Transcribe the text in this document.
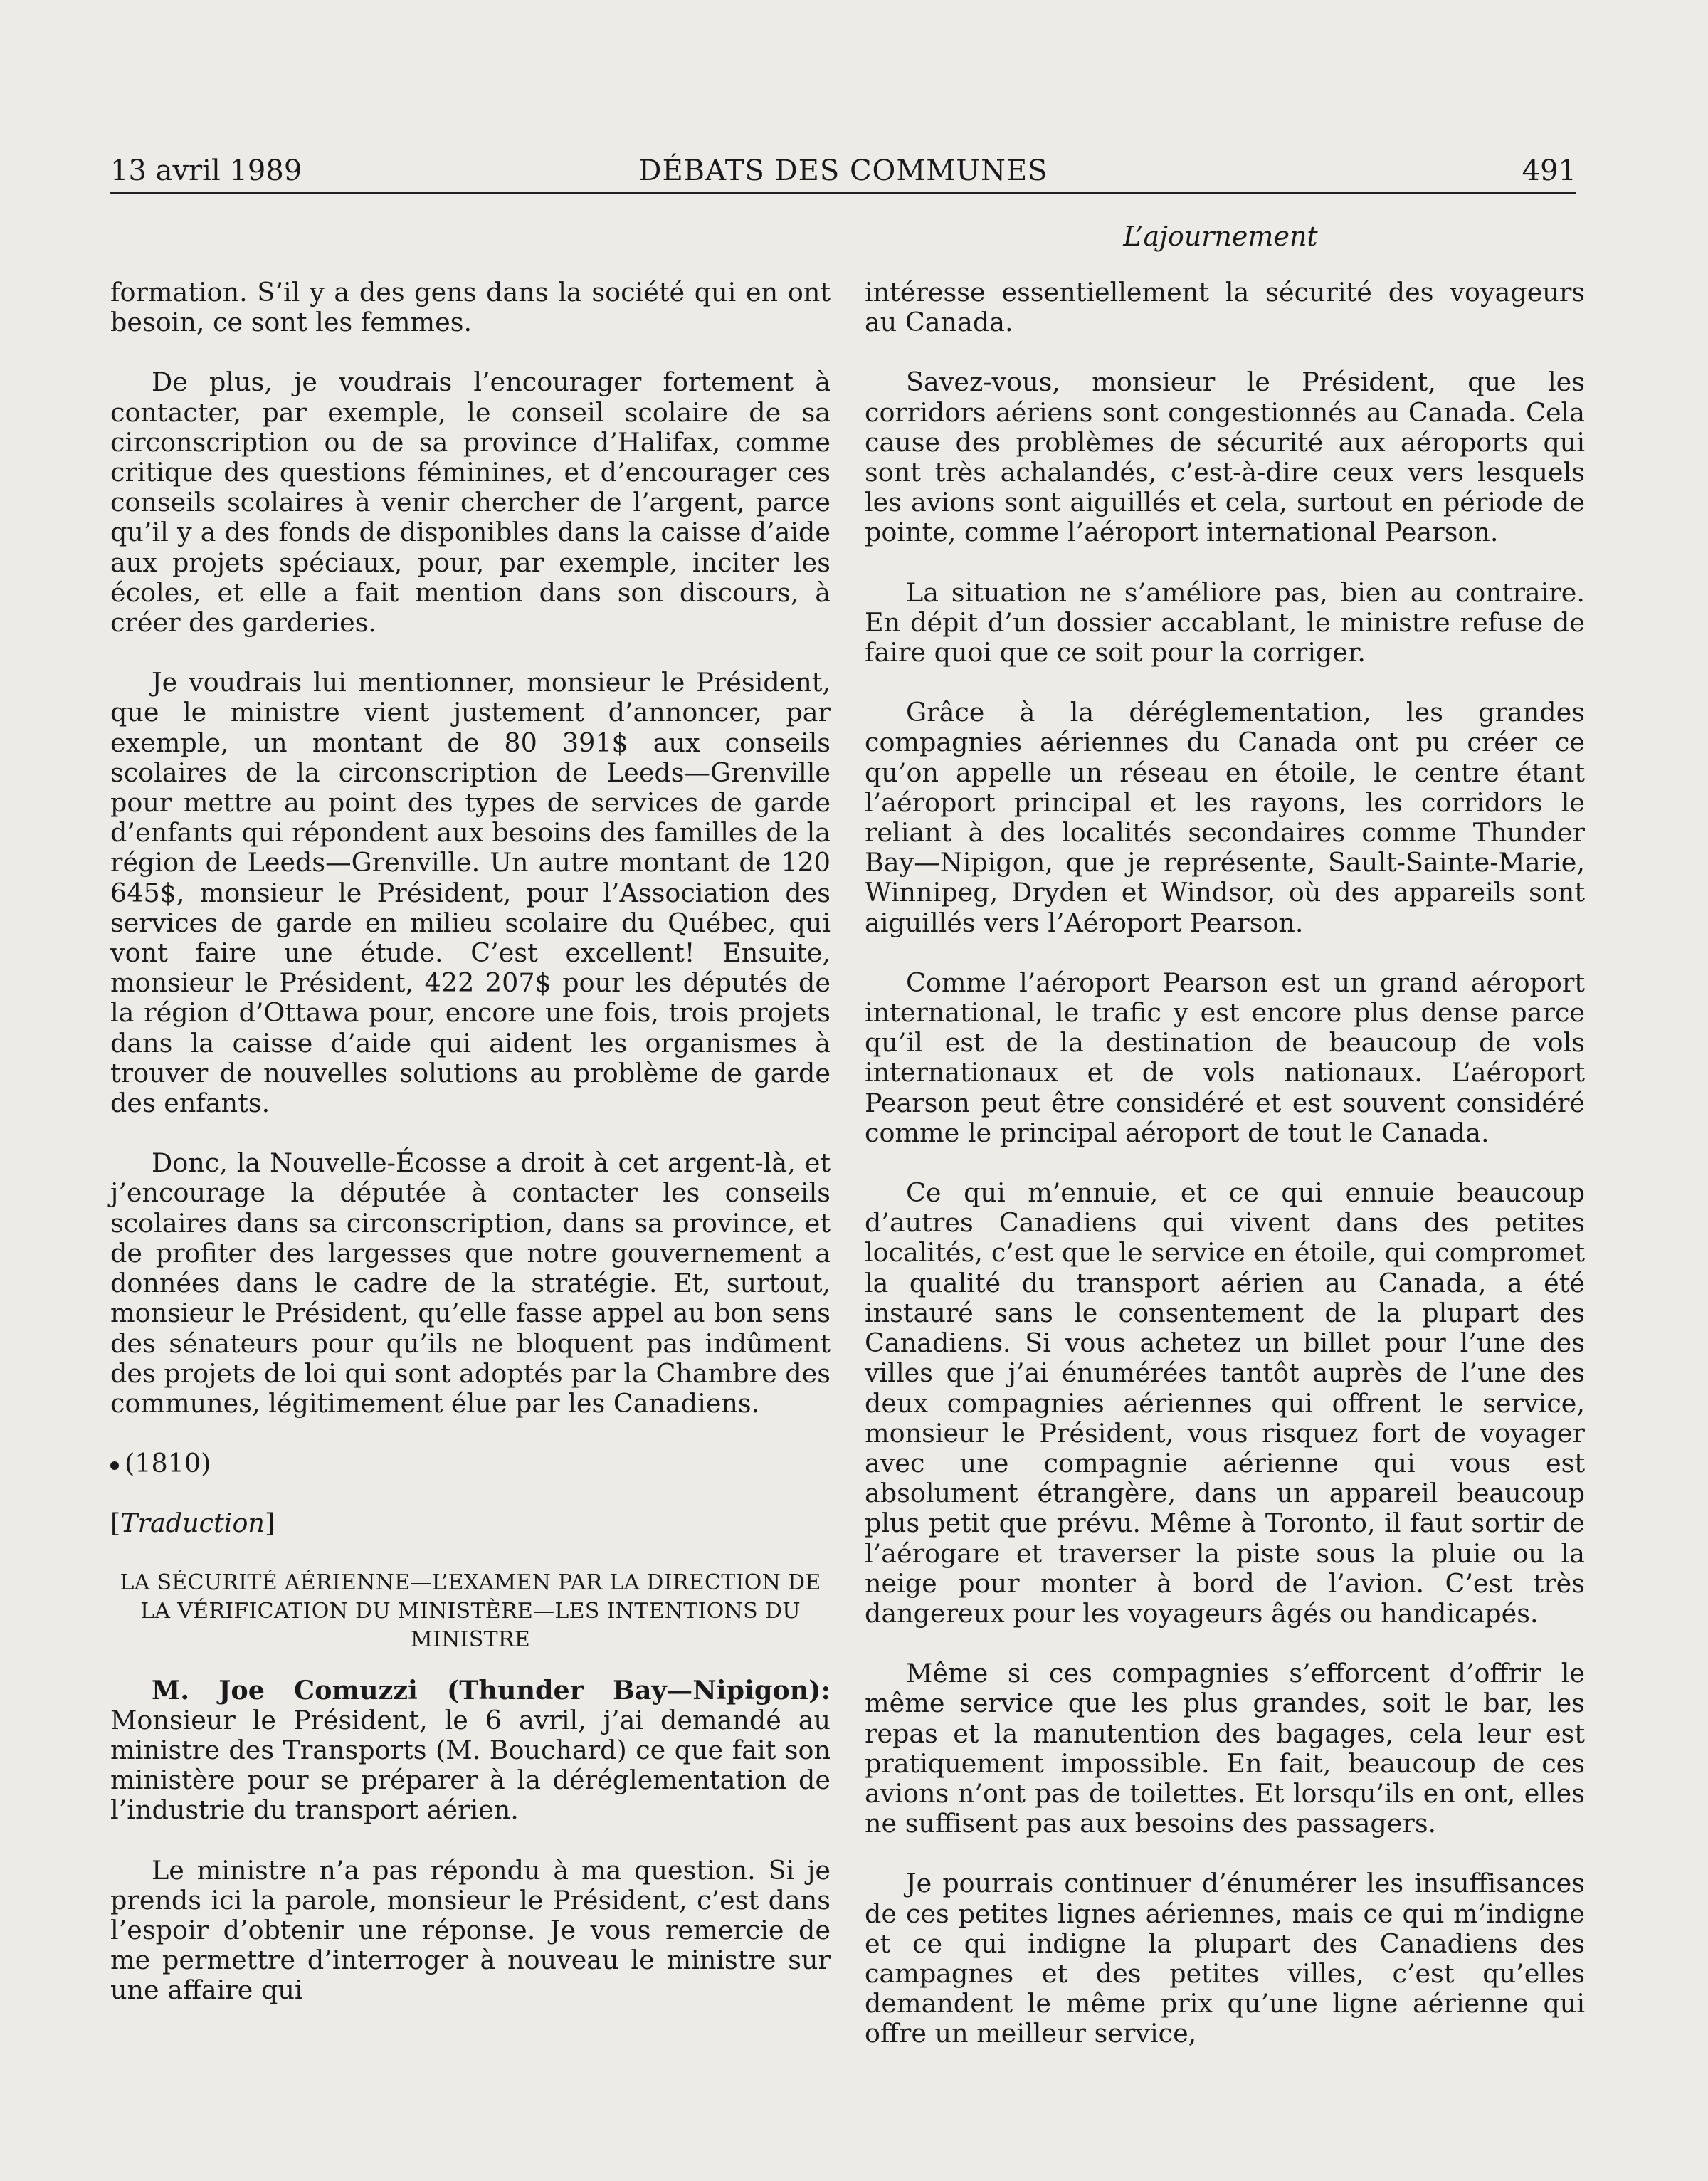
13 avril 1989	DÉBATS DES COMMUNES	491
L’ajournement

formation. S’il y a des gens dans la société qui en ont besoin, ce sont les femmes.

De plus, je voudrais l’encourager fortement à contacter, par exemple, le conseil scolaire de sa circonscription ou de sa province d’Halifax, comme critique des questions féminines, et d’encourager ces conseils scolaires à venir chercher de l’argent, parce qu’il y a des fonds de disponibles dans la caisse d’aide aux projets spéciaux, pour, par exemple, inciter les écoles, et elle a fait mention dans son discours, à créer des garderies.

Je voudrais lui mentionner, monsieur le Président, que le ministre vient justement d’annoncer, par exemple, un montant de 80 391$ aux conseils scolaires de la circonscription de Leeds—Grenville pour mettre au point des types de services de garde d’enfants qui répondent aux besoins des familles de la région de Leeds—Grenville. Un autre montant de 120 645$, monsieur le Président, pour l’Association des services de garde en milieu scolaire du Québec, qui vont faire une étude. C’est excellent! Ensuite, monsieur le Président, 422 207$ pour les députés de la région d’Ottawa pour, encore une fois, trois projets dans la caisse d’aide qui aident les organismes à trouver de nouvelles solutions au problème de garde des enfants.

Donc, la Nouvelle-Écosse a droit à cet argent-là, et j’encourage la députée à contacter les conseils scolaires dans sa circonscription, dans sa province, et de profiter des largesses que notre gouvernement a données dans le cadre de la stratégie. Et, surtout, monsieur le Président, qu’elle fasse appel au bon sens des sénateurs pour qu’ils ne bloquent pas indûment des projets de loi qui sont adoptés par la Chambre des communes, légitimement élue par les Canadiens.

(1810)
[Traduction]
LA SÉCURITÉ AÉRIENNE—L’EXAMEN PAR LA DIRECTION DE LA VÉRIFICATION DU MINISTÈRE—LES INTENTIONS DU MINISTRE

M. Joe Comuzzi (Thunder Bay—Nipigon): Monsieur le Président, le 6 avril, j’ai demandé au ministre des Transports (M. Bouchard) ce que fait son ministère pour se préparer à la déréglementation de l’industrie du transport aérien.

Le ministre n’a pas répondu à ma question. Si je prends ici la parole, monsieur le Président, c’est dans l’espoir d’obtenir une réponse. Je vous remercie de me permettre d’interroger à nouveau le ministre sur une affaire qui

intéresse essentiellement la sécurité des voyageurs au Canada.

Savez-vous, monsieur le Président, que les corridors aériens sont congestionnés au Canada. Cela cause des problèmes de sécurité aux aéroports qui sont très achalandés, c’est-à-dire ceux vers lesquels les avions sont aiguillés et cela, surtout en période de pointe, comme l’aéroport international Pearson.

La situation ne s’améliore pas, bien au contraire. En dépit d’un dossier accablant, le ministre refuse de faire quoi que ce soit pour la corriger.

Grâce à la déréglementation, les grandes compagnies aériennes du Canada ont pu créer ce qu’on appelle un réseau en étoile, le centre étant l’aéroport principal et les rayons, les corridors le reliant à des localités secondaires comme Thunder Bay—Nipigon, que je représente, Sault-Sainte-Marie, Winnipeg, Dryden et Windsor, où des appareils sont aiguillés vers l’Aéroport Pearson.

Comme l’aéroport Pearson est un grand aéroport international, le trafic y est encore plus dense parce qu’il est de la destination de beaucoup de vols internationaux et de vols nationaux. L’aéroport Pearson peut être considéré et est souvent considéré comme le principal aéroport de tout le Canada.

Ce qui m’ennuie, et ce qui ennuie beaucoup d’autres Canadiens qui vivent dans des petites localités, c’est que le service en étoile, qui compromet la qualité du transport aérien au Canada, a été instauré sans le consentement de la plupart des Canadiens. Si vous achetez un billet pour l’une des villes que j’ai énumérées tantôt auprès de l’une des deux compagnies aériennes qui offrent le service, monsieur le Président, vous risquez fort de voyager avec une compagnie aérienne qui vous est absolument étrangère, dans un appareil beaucoup plus petit que prévu. Même à Toronto, il faut sortir de l’aérogare et traverser la piste sous la pluie ou la neige pour monter à bord de l’avion. C’est très dangereux pour les voyageurs âgés ou handicapés.

Même si ces compagnies s’efforcent d’offrir le même service que les plus grandes, soit le bar, les repas et la manutention des bagages, cela leur est pratiquement impossible. En fait, beaucoup de ces avions n’ont pas de toilettes. Et lorsqu’ils en ont, elles ne suffisent pas aux besoins des passagers.

Je pourrais continuer d’énumérer les insuffisances de ces petites lignes aériennes, mais ce qui m’indigne et ce qui indigne la plupart des Canadiens des campagnes et des petites villes, c’est qu’elles demandent le même prix qu’une ligne aérienne qui offre un meilleur service,
